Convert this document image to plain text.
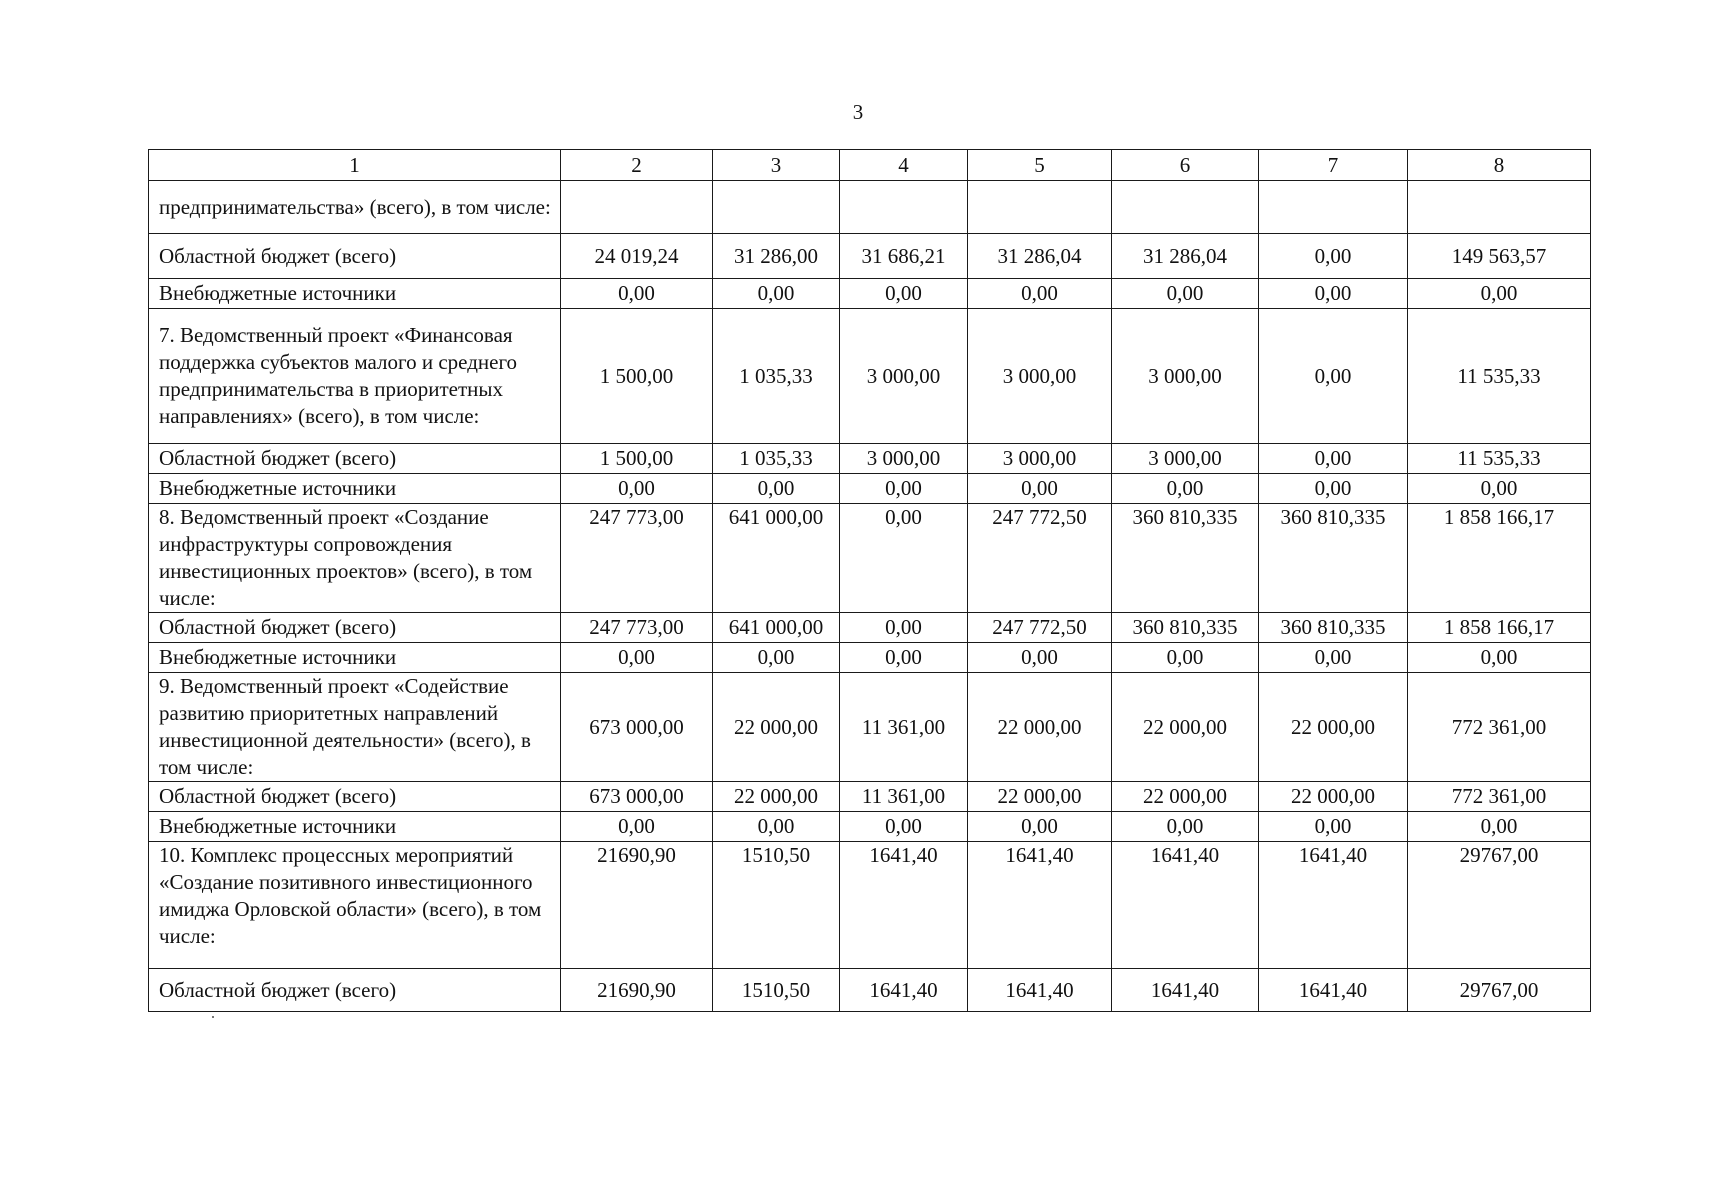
3
1	2	3	4	5	6	7	8
предпринимательства» (всего), в том числе:							
Областной бюджет (всего)	24 019,24	31 286,00	31 686,21	31 286,04	31 286,04	0,00	149 563,57
Внебюджетные источники	0,00	0,00	0,00	0,00	0,00	0,00	0,00
7. Ведомственный проект «Финансовая поддержка субъектов малого и среднего предпринимательства в приоритетных направлениях» (всего), в том числе:	1 500,00	1 035,33	3 000,00	3 000,00	3 000,00	0,00	11 535,33
Областной бюджет (всего)	1 500,00	1 035,33	3 000,00	3 000,00	3 000,00	0,00	11 535,33
Внебюджетные источники	0,00	0,00	0,00	0,00	0,00	0,00	0,00
8. Ведомственный проект «Создание инфраструктуры сопровождения инвестиционных проектов» (всего), в том числе:	247 773,00	641 000,00	0,00	247 772,50	360 810,335	360 810,335	1 858 166,17
Областной бюджет (всего)	247 773,00	641 000,00	0,00	247 772,50	360 810,335	360 810,335	1 858 166,17
Внебюджетные источники	0,00	0,00	0,00	0,00	0,00	0,00	0,00
9. Ведомственный проект «Содействие развитию приоритетных направлений инвестиционной деятельности» (всего), в том числе:	673 000,00	22 000,00	11 361,00	22 000,00	22 000,00	22 000,00	772 361,00
Областной бюджет (всего)	673 000,00	22 000,00	11 361,00	22 000,00	22 000,00	22 000,00	772 361,00
Внебюджетные источники	0,00	0,00	0,00	0,00	0,00	0,00	0,00
10. Комплекс процессных мероприятий «Создание позитивного инвестиционного имиджа Орловской области» (всего), в том числе:	21690,90	1510,50	1641,40	1641,40	1641,40	1641,40	29767,00
Областной бюджет (всего)	21690,90	1510,50	1641,40	1641,40	1641,40	1641,40	29767,00
